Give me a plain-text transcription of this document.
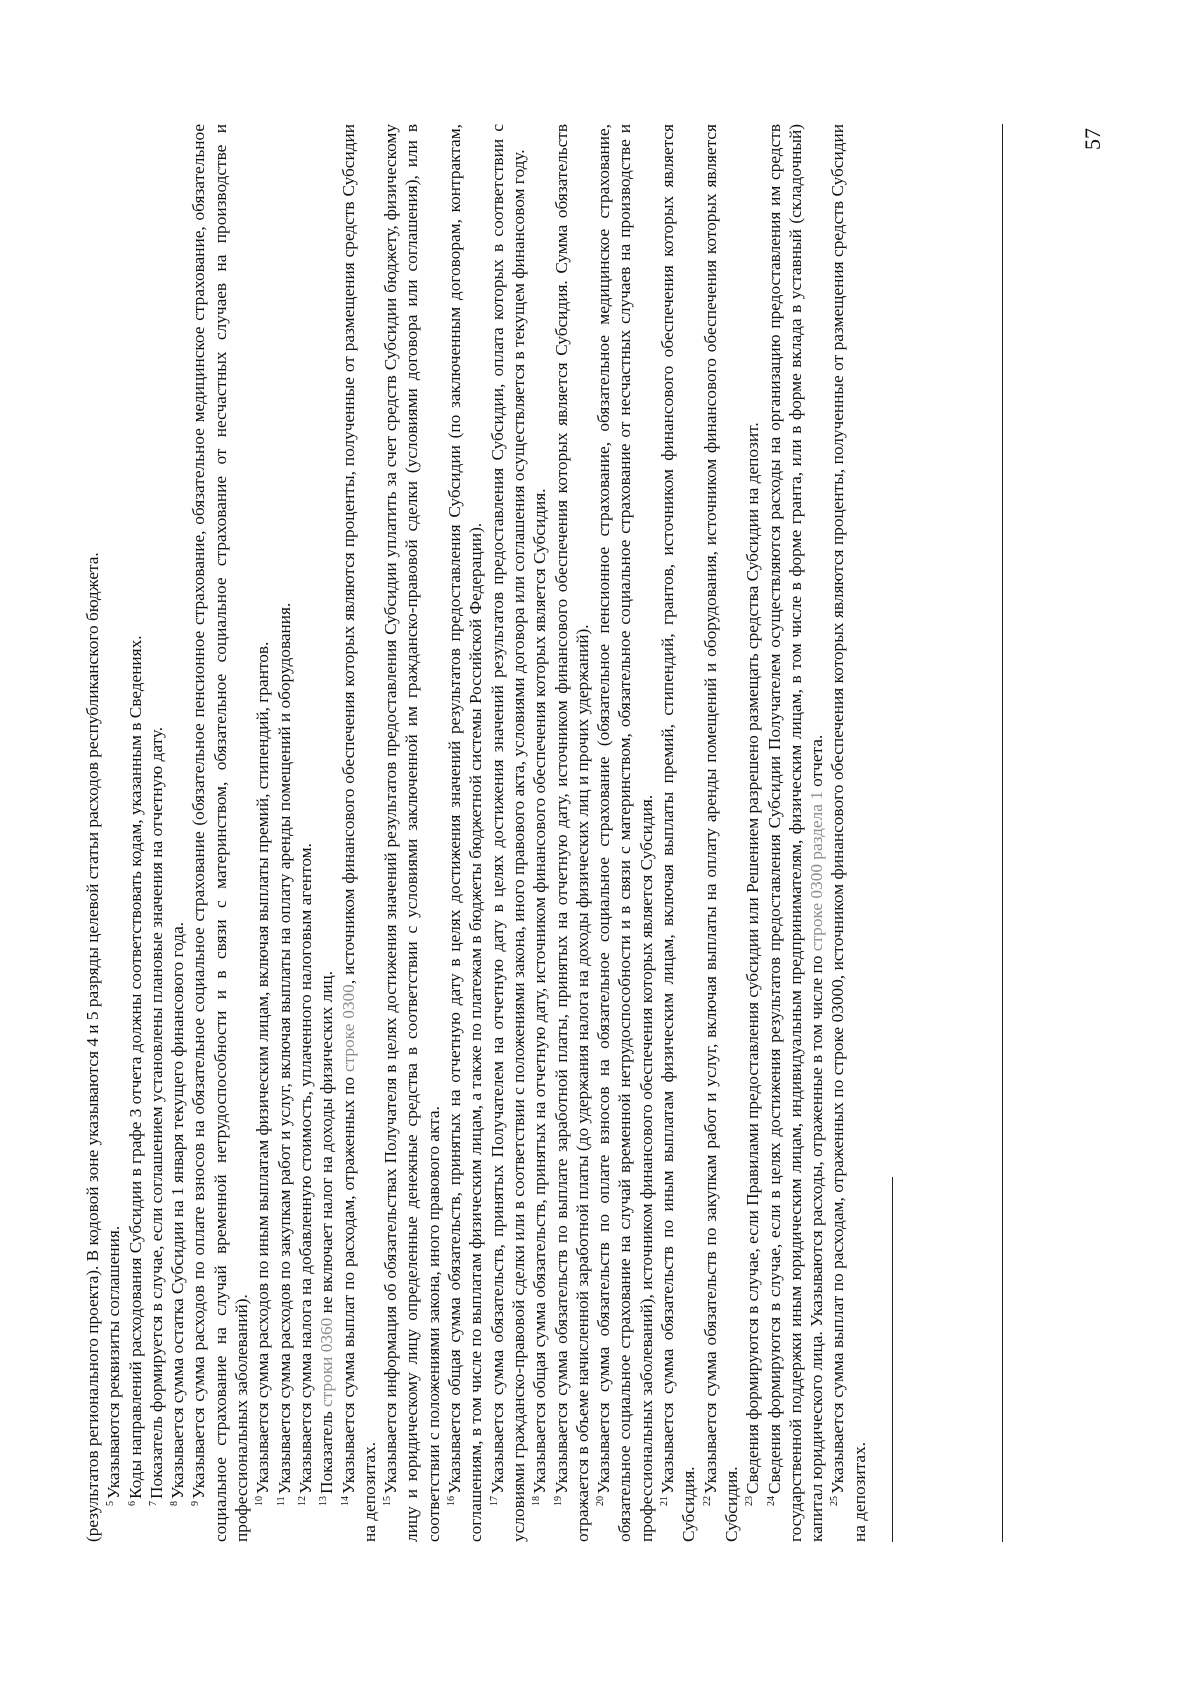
57

(результатов регионального проекта). В кодовой зоне указываются 4 и 5 разряды целевой статьи расходов республиканского бюджета. $^5$Указываются реквизиты соглашения.

$^6$Коды направлений расходования Субсидии в графе 3 отчета должны соответствовать кодам, указанным в Сведениях.

$^7$Показатель формируется в случае, если соглашением установлены плановые значения на отчетную дату.

$^8$Указывается сумма остатка Субсидии на 1 января текущего финансового года.

$^9$Указывается сумма расходов по оплате взносов на обязательное социальное страхование (обязательное пенсионное страхование, обязательное медицинское страхование, обязательное социальное страхование на случай временной нетрудоспособности и в связи с материнством, обязательное социальное страхование от несчастных случаев на производстве и профессиональных заболеваний). $^{10}$Указывается сумма расходов по иным выплатам физическим лицам, включая выплаты премий, стипендий, грантов.

$^{11}$Указывается сумма расходов по закупкам работ и услуг, включая выплаты на оплату аренды помещений и оборудования.

$^{12}$Указывается сумма налога на добавленную стоимость, уплаченного налоговым агентом.

$^{13}$Показатель строки 0360 не включает налог на доходы физических лиц.

$^{14}$Указывается сумма выплат по расходам, отраженных по строке 0300, источником финансового обеспечения которых являются проценты, полученные от размещения средств Субсидии на депозитах. $^{15}$Указывается информация об обязательствах Получателя в целях достижения значений результатов предоставления Субсидии уплатить за счет средств Субсидии бюджету, физическому лицу и юридическому лицу определенные денежные средства в соответствии с условиями заключенной им гражданско-правовой сделки (условиями договора или соглашения), или в соответствии с положениями закона, иного правового акта. $^{16}$Указывается общая сумма обязательств, принятых на отчетную дату в целях достижения значений результатов предоставления Субсидии (по заключенным договорам, контрактам, соглашениям, в том числе по выплатам физическим лицам, а также по платежам в бюджеты бюджетной системы Российской Федерации). $^{17}$Указывается сумма обязательств, принятых Получателем на отчетную дату в целях достижения значений результатов предоставления Субсидии, оплата которых в соответствии с условиями гражданско-правовой сделки или в соответствии с положениями закона, иного правового акта, условиями договора или соглашения осуществляется в текущем финансовом году. $^{18}$Указывается общая сумма обязательств, принятых на отчетную дату, источником финансового обеспечения которых является Субсидия.

$^{19}$Указывается сумма обязательств по выплате заработной платы, принятых на отчетную дату, источником финансового обеспечения которых является Субсидия. Сумма обязательств отражается в объеме начисленной заработной платы (до удержания налога на доходы физических лиц и прочих удержаний). $^{20}$Указывается сумма обязательств по оплате взносов на обязательное социальное страхование (обязательное пенсионное страхование, обязательное медицинское страхование, обязательное социальное страхование на случай временной нетрудоспособности и в связи с материнством, обязательное социальное страхование от несчастных случаев на производстве и профессиональных заболеваний), источником финансового обеспечения которых является Субсидия. $^{21}$Указывается сумма обязательств по иным выплатам физическим лицам, включая выплаты премий, стипендий, грантов, источником финансового обеспечения которых является Субсидия. $^{22}$Указывается сумма обязательств по закупкам работ и услуг, включая выплаты на оплату аренды помещений и оборудования, источником финансового обеспечения которых является Субсидия. $^{23}$Сведения формируются в случае, если Правилами предоставления субсидии или Решением разрешено размещать средства Субсидии на депозит.

$^{24}$Сведения формируются в случае, если в целях достижения результатов предоставления Субсидии Получателем осуществляются расходы на организацию предоставления им средств государственной поддержки иным юридическим лицам, индивидуальным предпринимателям, физическим лицам, в том числе в форме гранта, или в форме вклада в уставный (складочный) капитал юридического лица. Указываются расходы, отраженные в том числе по строке 0300 раздела 1 отчета.

$^{25}$Указывается сумма выплат по расходам, отраженных по строке 03000, источником финансового обеспечения которых являются проценты, полученные от размещения средств Субсидии на депозитах.
